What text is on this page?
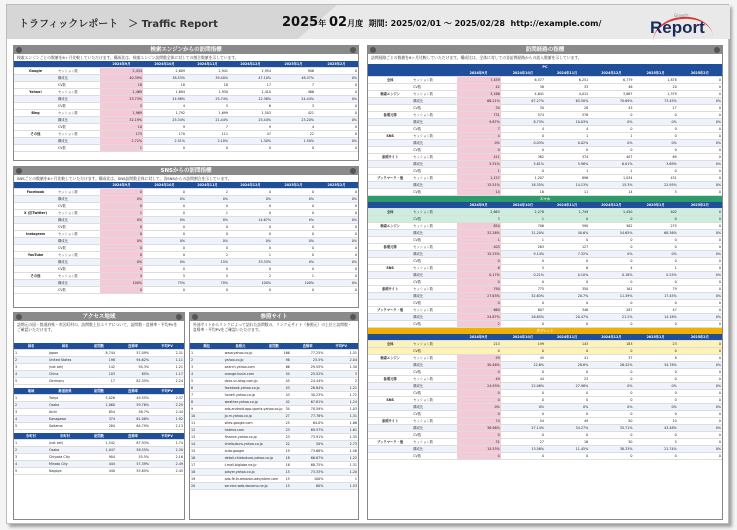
トラフィックレポート　＞ Traffic Report	2025年 02月度 期間: 2025/02/01 ～ 2025/02/28 http://example.com/
Growth
Report
検索エンジンからの訪問指標
検索エンジンごとの数値を6ヶ月比較していただけます。構成比は、検索エンジン訪問数全体に対しての割合数値を示しています。
		2024年9月	2024年10月	2024年11月	2024年12月	2025年1月	2025年2月
Google	セッション数	2,434	2,609	2,941	2,954	906	0
	構成比	40.39%	38.53%	39.40%	47.10%	48.37%	0%
	CV数	18	18	18	17	7	0
Yahoo!	セッション数	1,469	1,694	1,930	1,410	466	0
	構成比	23.73%	24.98%	25.74%	22.36%	24.44%	0%
	CV数	5	4	5	6	3	0
Bing	セッション数	1,969	1,792	1,699	1,503	421	0
	構成比	32.19%	25.34%	21.44%	25.44%	23.20%	0%
	CV数	10	9	7	9	4	0
その他	セッション数	175	170	111	47	22	0
	構成比	2.72%	2.51%	2.10%	1.30%	1.50%	0%
	CV数	1	0	0	0	0	0
SNSからの訪問指標
SNSごとの数値を6ヶ月比較していただけます。構成比は、SNS訪問数全体に対して、各SNSからの訪問割合を示しています。
		2024年9月	2024年10月	2024年11月	2024年12月	2025年1月	2025年2月
Facebook	セッション数	0	0	2	0	0	0
	構成比	0%	0%	0%	0%	0%	0%
	CV数	0	0	0	0	0	0
X (旧Twitter)	セッション数	1	0	1	0	0	0
	構成比	0%	0%	0%	14.67%	0%	0%
	CV数	0	0	0	0	0	0
Instagram	セッション数	0	0	0	0	0	0
	構成比	0%	0%	0%	0%	0%	0%
	CV数	0	0	0	0	0	0
YouTube	セッション数	0	0	2	1	0	0
	構成比	0%	0%	15%	33.33%	0%	0%
	CV数	0	0	0	0	0	0
その他	セッション数	4	5	5	2	1	0
	構成比	100%	75%	70%	100%	100%	0%
	CV数	0	0	0	0	0	0
アクセス地域
訪問元の国・都道府県・市区町村の、訪問数上位エリアについて、訪問数・直帰率・平均PVをご確認いただけます。
国名	国名	訪問数	直帰率	平均PV
1	Japan	8,744	57.09%	2.31
2	United States	198	94.62%	1.11
3	(not set)	142	94.3%	1.21
4	China	103	85%	1.17
5	Germany	17	82.35%	2.24
地域	都道府県	訪問数	直帰率	平均PV
1	Tokyo	5,026	49.55%	2.37
2	Osaka	1,060	59.76%	2.25
3	Aichi	854	58.7%	2.44
4	Kanagawa	374	61.08%	1.92
5	Saitama	284	64.79%	2.13
市町村	市町村	訪問数	直帰率	平均PV
1	(not set)	1,542	87.93%	1.74
2	Osaka	1,047	58.55%	2.30
3	Chiyoda City	904	55.5%	2.16
4	Minato City	444	57.39%	2.49
5	Nagoya	440	55.85%	2.45
参照サイト
外部サイトからリンクによって訪れた訪問数の、リンク元サイト（参照元）の上位と訪問数・直帰率・平均PVをご確認いただけます。
順位	参照元	訪問数	直帰率	平均PV
1	www.yahoo.co.jp	166	77.25%	1.51
2	yahoo.co.jp	98	25.5%	2.04
3	search.yahoo.com	66	29.55%	1.30
4	orange.kusin.com	54	25.52%	3
5	docs.vc-blog.com.jp	45	24.44%	2
6	facebook.yahoo.co.jp	43	26.84%	1.21
7	honeh.yahoo.co.jp	43	30.23%	1.72
8	weather.yahoo.co.jp	42	67.81%	1.24
9	ads.android.app.sports.yahoo.co.jp	34	70.59%	1.03
10	jp.m.yahoo.co.jp	27	77.78%	1.31
11	sites.google.com	25	64.0%	1.86
12	hatena.com	23	69.57%	1.61
13	finance.yahoo.co.jp	23	73.91%	1.35
14	chiebukuro.yahoo.co.jp	22	50%	2.73
15	auto.google	19	73.68%	1.58
16	detail.chiebukuro.yahoo.co.jp	18	66.67%	1.22
17	t.mail.biglobe.ne.jp	16	68.75%	1.31
18	player.yahoo.co.jp	15	73.33%	1.20
19	ads-fe.tv.amazon-adsystem.com	15	100%	1
20	service.web.docomo.ne.jp	15	60%	1.53
訪問経路の指標
訪問経路ごとの数値を6ヶ月比較していただけます。構成比は、全体に対しての各訪問経路からの流入数値を示しています。
PC
		2024年9月	2024年10月	2024年11月	2024年12月	2025年1月	2025年2月
全体	セッション数	7,459	6,577	6,251	6,779	1,878	0
	CV数	42	38	33	46	20	0
検索エンジン	セッション数	3,166	4,641	4,012	3,867	1,379	0
	構成比	66.21%	67.27%	63.50%	70.69%	73.45%	0%
	CV数	34	30	28	43	17	0
参照元等	セッション数	731	574	576	0	0	0
	構成比	9.87%	8.73%	10.03%	0%	0%	0%
	CV数	7	4	4	0	0	0
SNS	セッション数	4	0	1	1	0	0
	構成比	0%	0.03%	0.02%	0%	0%	0%
	CV数	0	0	0	0	0	0
参照サイト	セッション数	411	382	374	407	69	0
	構成比	5.51%	5.81%	5.98%	6.01%	3.69%	0%
	CV数	1	0	1	1	0	0
ブックマーク・他	セッション数	1,157	1,207	896	1,034	431	0
	構成比	15.51%	18.35%	14.13%	15.3%	22.95%	0%
	CV数	14	16	11	14	5	0
スマホ
		2024年9月	2024年10月	2024年11月	2024年12月	2025年1月	2025年2月
全体	セッション数	2,663	2,278	1,749	1,450	402	0
	CV数	3	1	0	0	0	0
検索エンジン	セッション数	854	706	590	562	275	0
	構成比	32.26%	31.20%	40.6%	54.65%	68.36%	0%
	CV数	1	1	0	0	0	0
参照元等	セッション数	403	263	127	0	0	0
	構成比	15.25%	9.14%	7.32%	0%	0%	0%
	CV数	0	0	0	0	0	0
SNS	セッション数	6	5	6	4	1	0
	構成比	0.17%	0.21%	0.10%	0.18%	0.25%	0%
	CV数	0	0	0	0	0	0
参照サイト	セッション数	790	775	350	161	79	0
	構成比	27.63%	32.63%	20.7%	11.39%	17.45%	0%
	CV数	0	0	0	0	0	0
ブックマーク・他	セッション数	660	607	346	287	47	0
	構成比	24.87%	26.65%	20.47%	21.2%	14.18%	0%
	CV数	2	0	0	0	0	0
タブレット
		2024年9月	2024年10月	2024年11月	2024年12月	2025年1月	2025年2月
全体	セッション数	213	199	143	183	23	0
	CV数	0	0	0	0	0	0
検索エンジン	セッション数	59	45	41	37	8	0
	構成比	30.46%	22.6%	28.6%	26.42%	34.78%	0%
	CV数	0	0	0	0	0	0
参照元等	セッション数	49	44	23	0	0	0
	構成比	24.93%	22.06%	27.96%	0%	0%	0%
	CV数	0	0	0	0	0	0
SNS	セッション数	0	0	0	0	0	0
	構成比	0%	0%	0%	0%	0%	0%
	CV数	0	0	0	0	0	0
参照サイト	セッション数	74	54	49	50	10	0
	構成比	38.96%	27.14%	34.27%	35.71%	43.48%	0%
	CV数	0	0	0	0	0	0
ブックマーク・他	セッション数	31	27	16	30	5	0
	構成比	15.53%	13.56%	11.45%	38.33%	21.74%	0%
	CV数	0	0	0	0	0	0
